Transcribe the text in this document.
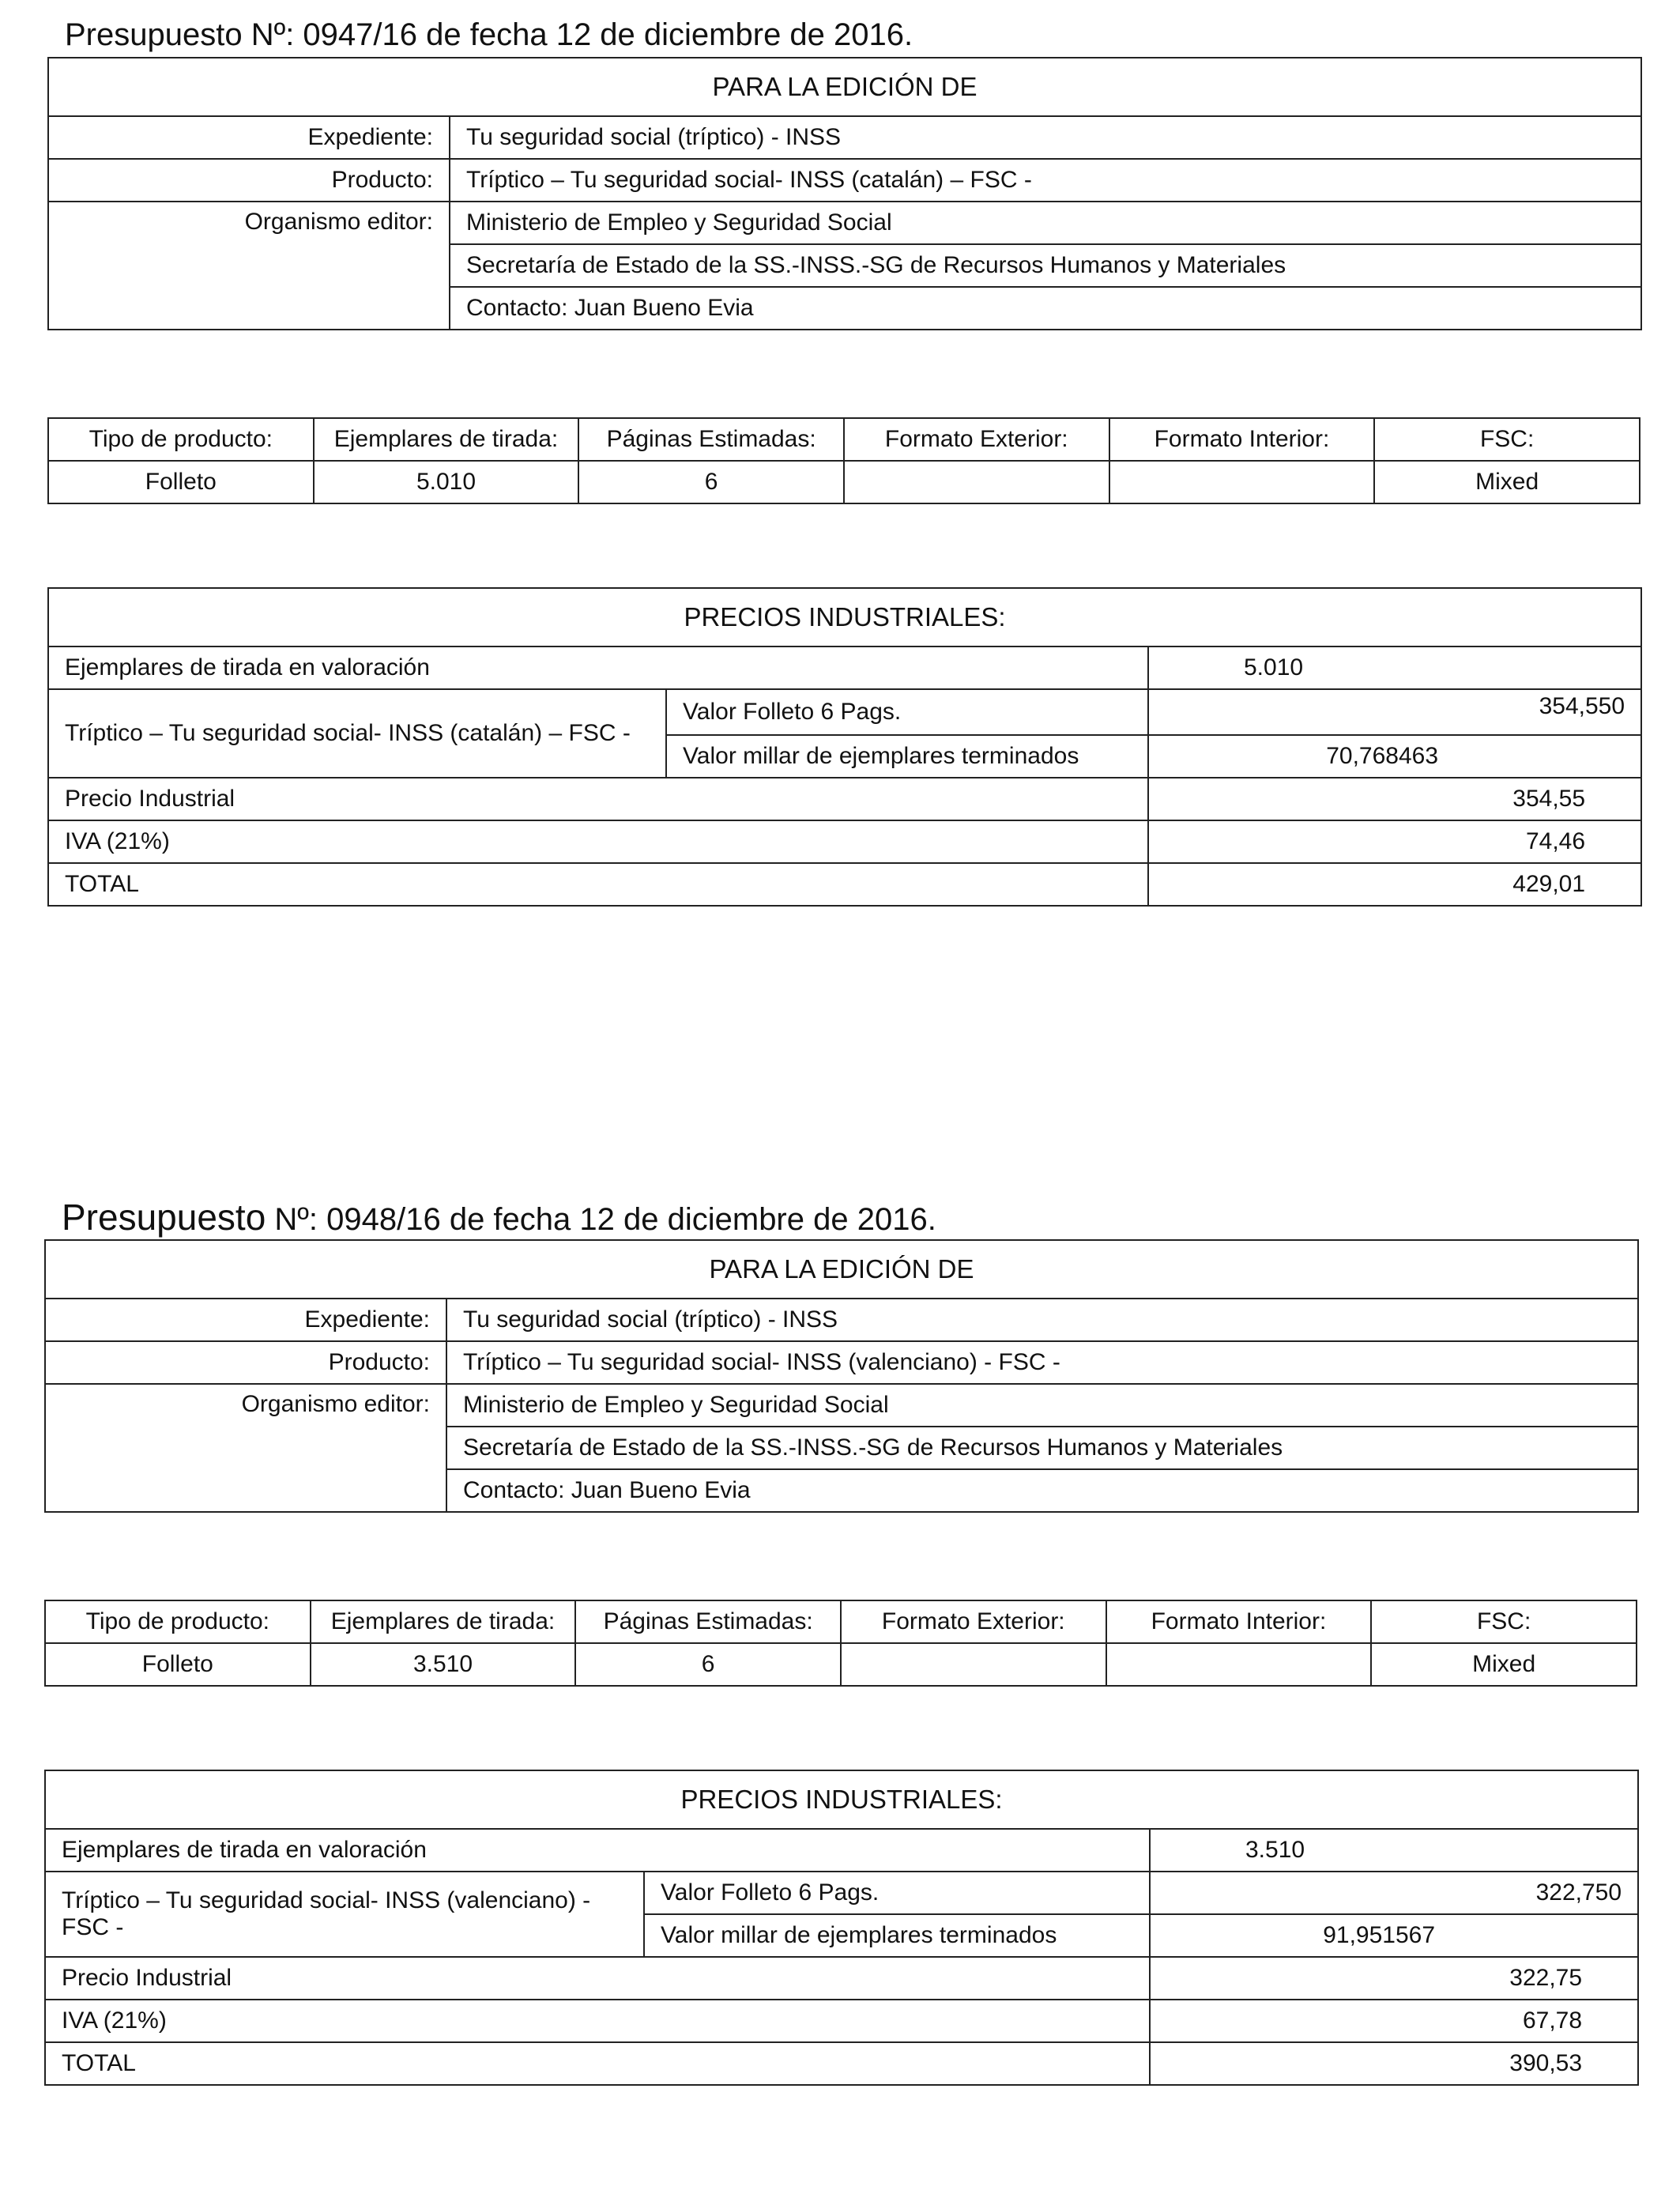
Presupuesto Nº: 0947/16 de fecha 12 de diciembre de 2016.
PARA LA EDICIÓN DE	
Expediente:	Tu seguridad social (tríptico) - INSS
Producto:	Tríptico – Tu seguridad social- INSS (catalán) – FSC -
Organismo editor:	Ministerio de Empleo y Seguridad Social
	Secretaría de Estado de la SS.-INSS.-SG de Recursos Humanos y Materiales
	Contacto: Juan Bueno Evia
Tipo de producto:	Ejemplares de tirada:	Páginas Estimadas:	Formato Exterior:	Formato Interior:	FSC:
Folleto	5.010	6			Mixed
PRECIOS INDUSTRIALES:		
Ejemplares de tirada en valoración		5.010
Tríptico – Tu seguridad social- INSS (catalán) – FSC -	Valor Folleto 6 Pags.	354,550
	Valor millar de ejemplares terminados	70,768463
Precio Industrial		354,55
IVA (21%)		74,46
TOTAL		429,01
Presupuesto Nº: 0948/16 de fecha 12 de diciembre de 2016.
PARA LA EDICIÓN DE	
Expediente:	Tu seguridad social (tríptico) - INSS
Producto:	Tríptico – Tu seguridad social- INSS (valenciano) - FSC -
Organismo editor:	Ministerio de Empleo y Seguridad Social
	Secretaría de Estado de la SS.-INSS.-SG de Recursos Humanos y Materiales
	Contacto: Juan Bueno Evia
Tipo de producto:	Ejemplares de tirada:	Páginas Estimadas:	Formato Exterior:	Formato Interior:	FSC:
Folleto	3.510	6			Mixed
PRECIOS INDUSTRIALES:		
Ejemplares de tirada en valoración		3.510
Tríptico – Tu seguridad social- INSS (valenciano) - FSC -	Valor Folleto 6 Pags.	322,750
	Valor millar de ejemplares terminados	91,951567
Precio Industrial		322,75
IVA (21%)		67,78
TOTAL		390,53
